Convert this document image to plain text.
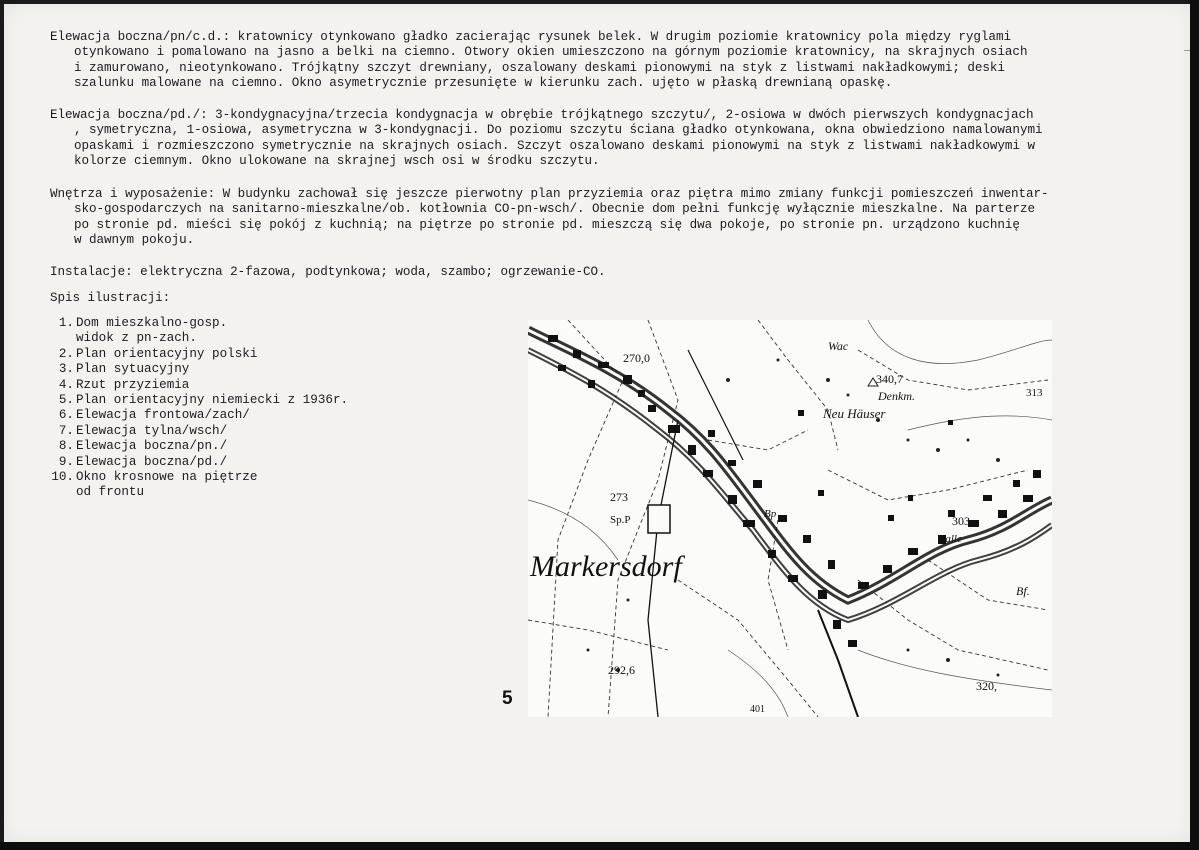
Elewacja boczna/pn/c.d.: kratownicy otynkowano gładko zacierając rysunek belek. W drugim poziomie kratownicy pola między ryglami
otynkowano i pomalowano na jasno a belki na ciemno. Otwory okien umieszczono na górnym poziomie kratownicy, na skrajnych osiach
i zamurowano, nieotynkowano. Trójkątny szczyt drewniany, oszalowany deskami pionowymi na styk z listwami nakładkowymi; deski
szalunku malowane na ciemno. Okno asymetrycznie przesunięte w kierunku zach. ujęto w płaską drewnianą opaskę.
Elewacja boczna/pd./: 3-kondygnacyjna/trzecia kondygnacja w obrębie trójkątnego szczytu/, 2-osiowa w dwóch pierwszych kondygnacjach
, symetryczna, 1-osiowa, asymetryczna w 3-kondygnacji. Do poziomu szczytu ściana gładko otynkowana, okna obwiedziono namalowanymi
opaskami i rozmieszczono symetrycznie na skrajnych osiach. Szczyt oszalowano deskami pionowymi na styk z listwami nakładkowymi w
kolorze ciemnym. Okno ulokowane na skrajnej wsch osi w środku szczytu.
Wnętrza i wyposażenie: W budynku zachował się jeszcze pierwotny plan przyziemia oraz piętra mimo zmiany funkcji pomieszczeń inwentar-
sko-gospodarczych na sanitarno-mieszkalne/ob. kotłownia CO-pn-wsch/. Obecnie dom pełni funkcję wyłącznie mieszkalne. Na parterze
po stronie pd. mieści się pokój z kuchnią; na piętrze po stronie pd. mieszczą się dwa pokoje, po stronie pn. urządzono kuchnię
w dawnym pokoju.
Instalacje: elektryczna 2-fazowa, podtynkowa; woda, szambo; ogrzewanie-CO.
Spis ilustracji:
1. Dom mieszkalno-gosp.
widok z pn-zach.
2. Plan orientacyjny polski
3. Plan sytuacyjny
4. Rzut przyziemia
5. Plan orientacyjny niemiecki z 1936r.
6. Elewacja frontowa/zach/
7. Elewacja tylna/wsch/
8. Elewacja boczna/pn./
9. Elewacja boczna/pd./
10. Okno krosnowe na piętrze
od frontu
5
270,0
Wac
340,7
Denkm.
Neu Häuser
313
303
Kalle
273
Sp.P	Bp
Markersdorf
Bf.
292,6
320,
401
